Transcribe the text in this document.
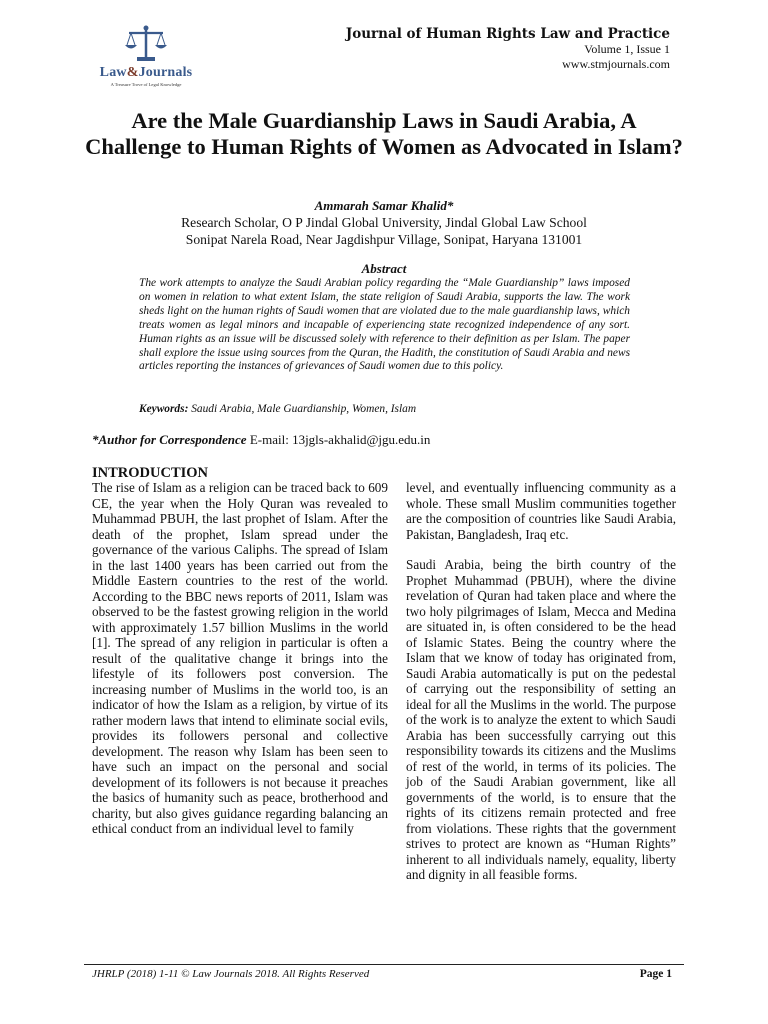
Law&Journals
A Treasure Trove of Legal Knowledge
Journal of Human Rights Law and Practice
Volume 1, Issue 1
www.stmjournals.com
Are the Male Guardianship Laws in Saudi Arabia, A Challenge to Human Rights of Women as Advocated in Islam?
Ammarah Samar Khalid*
Research Scholar, O P Jindal Global University, Jindal Global Law School
Sonipat Narela Road, Near Jagdishpur Village, Sonipat, Haryana 131001
Abstract
The work attempts to analyze the Saudi Arabian policy regarding the “Male Guardianship” laws imposed on women in relation to what extent Islam, the state religion of Saudi Arabia, supports the law. The work sheds light on the human rights of Saudi women that are violated due to the male guardianship laws, which treats women as legal minors and incapable of experiencing state recognized independence of any sort. Human rights as an issue will be discussed solely with reference to their definition as per Islam. The paper shall explore the issue using sources from the Quran, the Hadith, the constitution of Saudi Arabia and news articles reporting the instances of grievances of Saudi women due to this policy.
Keywords: Saudi Arabia, Male Guardianship, Women, Islam
*Author for Correspondence E-mail: 13jgls-akhalid@jgu.edu.in
INTRODUCTION

The rise of Islam as a religion can be traced back to 609 CE, the year when the Holy Quran was revealed to Muhammad PBUH, the last prophet of Islam. After the death of the prophet, Islam spread under the governance of the various Caliphs. The spread of Islam in the last 1400 years has been carried out from the Middle Eastern countries to the rest of the world. According to the BBC news reports of 2011, Islam was observed to be the fastest growing religion in the world with approximately 1.57 billion Muslims in the world [1]. The spread of any religion in particular is often a result of the qualitative change it brings into the lifestyle of its followers post conversion. The increasing number of Muslims in the world too, is an indicator of how the Islam as a religion, by virtue of its rather modern laws that intend to eliminate social evils, provides its followers personal and collective development. The reason why Islam has been seen to have such an impact on the personal and social development of its followers is not because it preaches the basics of humanity such as peace, brotherhood and charity, but also gives guidance regarding balancing an ethical conduct from an individual level to family

level, and eventually influencing community as a whole. These small Muslim communities together are the composition of countries like Saudi Arabia, Pakistan, Bangladesh, Iraq etc.

Saudi Arabia, being the birth country of the Prophet Muhammad (PBUH), where the divine revelation of Quran had taken place and where the two holy pilgrimages of Islam, Mecca and Medina are situated in, is often considered to be the head of Islamic States. Being the country where the Islam that we know of today has originated from, Saudi Arabia automatically is put on the pedestal of carrying out the responsibility of setting an ideal for all the Muslims in the world. The purpose of the work is to analyze the extent to which Saudi Arabia has been successfully carrying out this responsibility towards its citizens and the Muslims of rest of the world, in terms of its policies. The job of the Saudi Arabian government, like all governments of the world, is to ensure that the rights of its citizens remain protected and free from violations. These rights that the government strives to protect are known as “Human Rights” inherent to all individuals namely, equality, liberty and dignity in all feasible forms.

JHRLP (2018) 1-11 © Law Journals 2018. All Rights Reserved	Page 1
